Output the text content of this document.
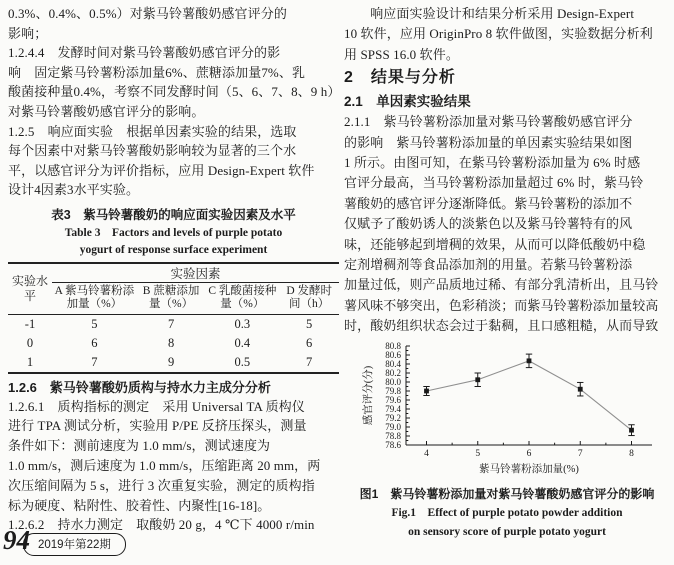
0.3%、0.4%、0.5%）对紫马铃薯酸奶感官评分的
影响；
1.2.4.4　发酵时间对紫马铃薯酸奶感官评分的影
响　固定紫马铃薯粉添加量6%、蔗糖添加量7%、乳
酸菌接种量0.4%，考察不同发酵时间（5、6、7、8、9 h）
对紫马铃薯酸奶感官评分的影响。
1.2.5　响应面实验　根据单因素实验的结果，选取
每个因素中对紫马铃薯酸奶影响较为显著的三个水
平，以感官评分为评价指标，应用 Design-Expert 软件
设计4因素3水平实验。
表3　紫马铃薯酸奶的响应面实验因素及水平
Table 3　Factors and levels of purple potato
yogurt of response surface experiment
实验水平	实验因素			
	A 紫马铃薯粉添加量（%）	B 蔗糖添加量（%）	C 乳酸菌接种量（%）	D 发酵时间（h）
-1	5	7	0.3	5
0	6	8	0.4	6
1	7	9	0.5	7
1.2.6　紫马铃薯酸奶质构与持水力主成分分析
1.2.6.1　质构指标的测定　采用 Universal TA 质构仪
进行 TPA 测试分析，实验用 P/PE 反挤压探头，测量
条件如下：测前速度为 1.0 mm/s，测试速度为
1.0 mm/s，测后速度为 1.0 mm/s，压缩距离 20 mm，两
次压缩间隔为 5 s，进行 3 次重复实验，测定的质构指
标为硬度、粘附性、胶着性、内聚性[16-18]。
1.2.6.2　持水力测定　取酸奶 20 g，4 ℃下 4000 r/min
　　响应面实验设计和结果分析采用 Design-Expert
10 软件，应用 OriginPro 8 软件做图，实验数据分析利
用 SPSS 16.0 软件。
2　结果与分析
2.1　单因素实验结果
2.1.1　紫马铃薯粉添加量对紫马铃薯酸奶感官评分
的影响　紫马铃薯粉添加量的单因素实验结果如图
1 所示。由图可知，在紫马铃薯粉添加量为 6% 时感
官评分最高，当马铃薯粉添加量超过 6% 时，紫马铃
薯酸奶的感官评分逐渐降低。紫马铃薯粉的添加不
仅赋予了酸奶诱人的淡紫色以及紫马铃薯特有的风
味，还能够起到增稠的效果，从而可以降低酸奶中稳
定剂增稠剂等食品添加剂的用量。若紫马铃薯粉添
加量过低，则产品质地过稀、有部分乳清析出，且马铃
薯风味不够突出，色彩稍淡；而紫马铃薯粉添加量较高
时，酸奶组织状态会过于黏稠，且口感粗糙，从而导致
78.6
78.8
79.0
79.2
79.4
79.6
79.8
80.0
80.2
80.4
80.6
80.8
4	5	6	7	8
紫马铃薯粉添加量(%)
感官评分(分)
图1　紫马铃薯粉添加量对紫马铃薯酸奶感官评分的影响
Fig.1　Effect of purple potato powder addition
on sensory score of purple potato yogurt
94 2019年第22期
